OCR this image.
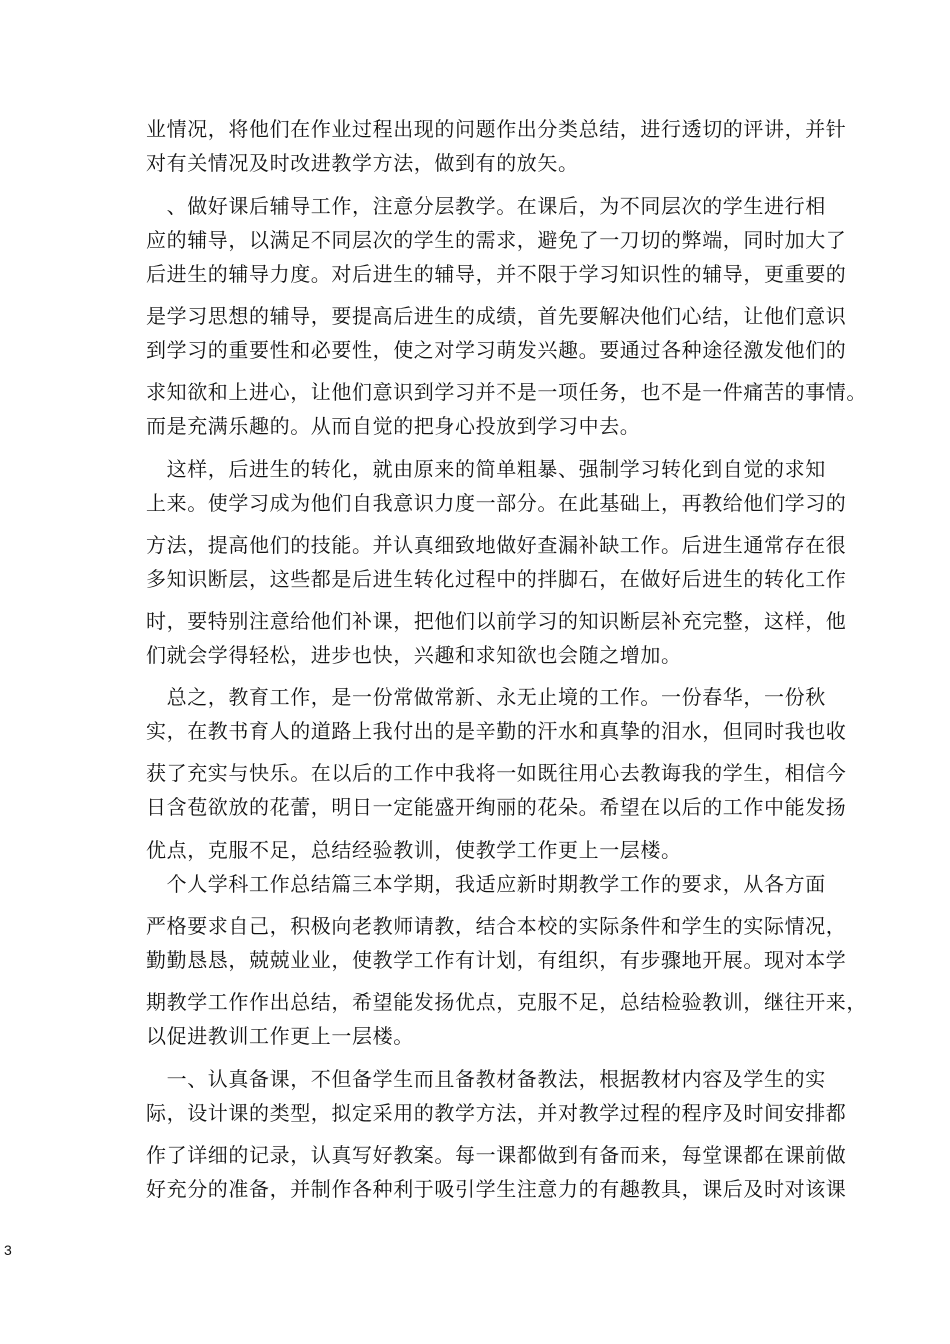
业情况，将他们在作业过程出现的问题作出分类总结，进行透切的评讲，并针
对有关情况及时改进教学方法，做到有的放矢。
　、做好课后辅导工作，注意分层教学。在课后，为不同层次的学生进行相
应的辅导，以满足不同层次的学生的需求，避免了一刀切的弊端，同时加大了
后进生的辅导力度。对后进生的辅导，并不限于学习知识性的辅导，更重要的
是学习思想的辅导，要提高后进生的成绩，首先要解决他们心结，让他们意识
到学习的重要性和必要性，使之对学习萌发兴趣。要通过各种途径激发他们的
求知欲和上进心，让他们意识到学习并不是一项任务，也不是一件痛苦的事情。
而是充满乐趣的。从而自觉的把身心投放到学习中去。
　这样，后进生的转化，就由原来的简单粗暴、强制学习转化到自觉的求知
上来。使学习成为他们自我意识力度一部分。在此基础上，再教给他们学习的
方法，提高他们的技能。并认真细致地做好查漏补缺工作。后进生通常存在很
多知识断层，这些都是后进生转化过程中的拌脚石，在做好后进生的转化工作
时，要特别注意给他们补课，把他们以前学习的知识断层补充完整，这样，他
们就会学得轻松，进步也快，兴趣和求知欲也会随之增加。
　总之，教育工作，是一份常做常新、永无止境的工作。一份春华，一份秋
实，在教书育人的道路上我付出的是辛勤的汗水和真挚的泪水，但同时我也收
获了充实与快乐。在以后的工作中我将一如既往用心去教诲我的学生，相信今
日含苞欲放的花蕾，明日一定能盛开绚丽的花朵。希望在以后的工作中能发扬
优点，克服不足，总结经验教训，使教学工作更上一层楼。
　个人学科工作总结篇三本学期，我适应新时期教学工作的要求，从各方面
严格要求自己，积极向老教师请教，结合本校的实际条件和学生的实际情况，
勤勤恳恳，兢兢业业，使教学工作有计划，有组织，有步骤地开展。现对本学
期教学工作作出总结，希望能发扬优点，克服不足，总结检验教训，继往开来，
以促进教训工作更上一层楼。
　一、认真备课，不但备学生而且备教材备教法，根据教材内容及学生的实
际，设计课的类型，拟定采用的教学方法，并对教学过程的程序及时间安排都
作了详细的记录，认真写好教案。每一课都做到有备而来，每堂课都在课前做
好充分的准备，并制作各种利于吸引学生注意力的有趣教具，课后及时对该课
3
